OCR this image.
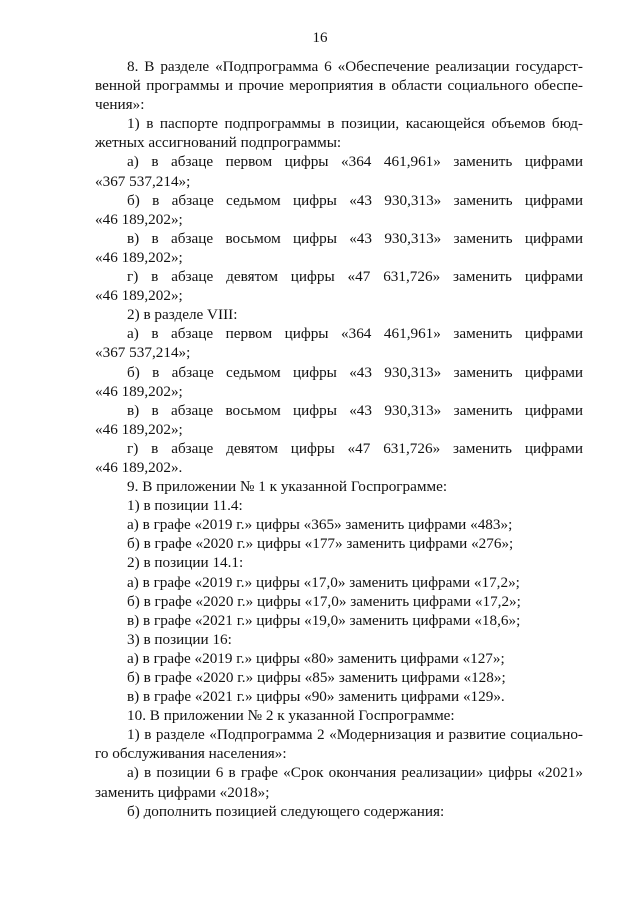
16

8. В разделе «Подпрограмма 6 «Обеспечение реализации государст-

венной программы и прочие мероприятия в области социального обеспе-

чения»:

1) в паспорте подпрограммы в позиции, касающейся объемов бюд-

жетных ассигнований подпрограммы:

а) в абзаце первом цифры «364 461,961» заменить цифрами

«367 537,214»;

б) в абзаце седьмом цифры «43 930,313» заменить цифрами

«46 189,202»;

в) в абзаце восьмом цифры «43 930,313» заменить цифрами

«46 189,202»;

г) в абзаце девятом цифры «47 631,726» заменить цифрами

«46 189,202»;

2) в разделе VIII:

а) в абзаце первом цифры «364 461,961» заменить цифрами

«367 537,214»;

б) в абзаце седьмом цифры «43 930,313» заменить цифрами

«46 189,202»;

в) в абзаце восьмом цифры «43 930,313» заменить цифрами

«46 189,202»;

г) в абзаце девятом цифры «47 631,726» заменить цифрами

«46 189,202».

9. В приложении № 1 к указанной Госпрограмме:

1) в позиции 11.4:

а) в графе «2019 г.» цифры «365» заменить цифрами «483»;

б) в графе «2020 г.» цифры «177» заменить цифрами «276»;

2) в позиции 14.1:

а) в графе «2019 г.» цифры «17,0» заменить цифрами «17,2»;

б) в графе «2020 г.» цифры «17,0» заменить цифрами «17,2»;

в) в графе «2021 г.» цифры «19,0» заменить цифрами «18,6»;

3) в позиции 16:

а) в графе «2019 г.» цифры «80» заменить цифрами «127»;

б) в графе «2020 г.» цифры «85» заменить цифрами «128»;

в) в графе «2021 г.» цифры «90» заменить цифрами «129».

10. В приложении № 2 к указанной Госпрограмме:

1) в разделе «Подпрограмма 2 «Модернизация и развитие социально-

го обслуживания населения»:

а) в позиции 6 в графе «Срок окончания реализации» цифры «2021»

заменить цифрами «2018»;

б) дополнить позицией следующего содержания:
